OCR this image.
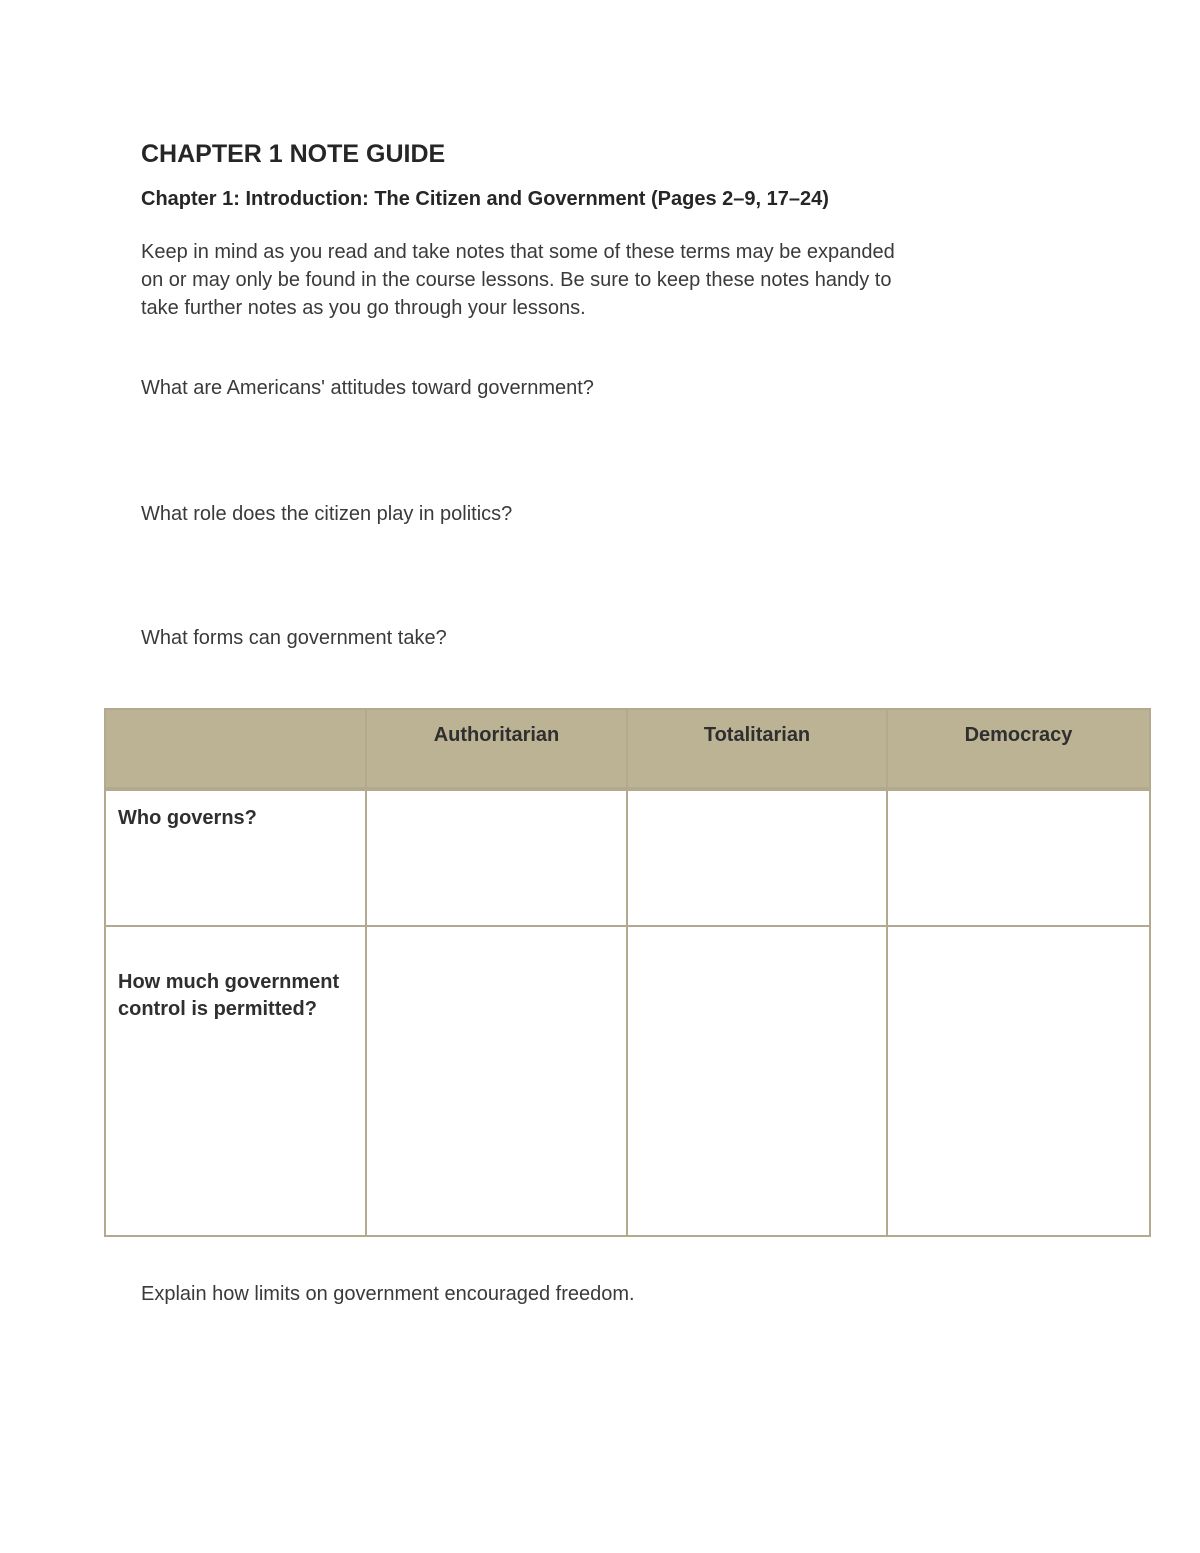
CHAPTER 1 NOTE GUIDE
Chapter 1: Introduction: The Citizen and Government (Pages 2–9, 17–24)
Keep in mind as you read and take notes that some of these terms may be expanded
on or may only be found in the course lessons. Be sure to keep these notes handy to
take further notes as you go through your lessons.

What are Americans' attitudes toward government?

What role does the citizen play in politics?

What forms can government take?

	Authoritarian	Totalitarian	Democracy
Who governs?			
How much government control is permitted?			

Explain how limits on government encouraged freedom.
